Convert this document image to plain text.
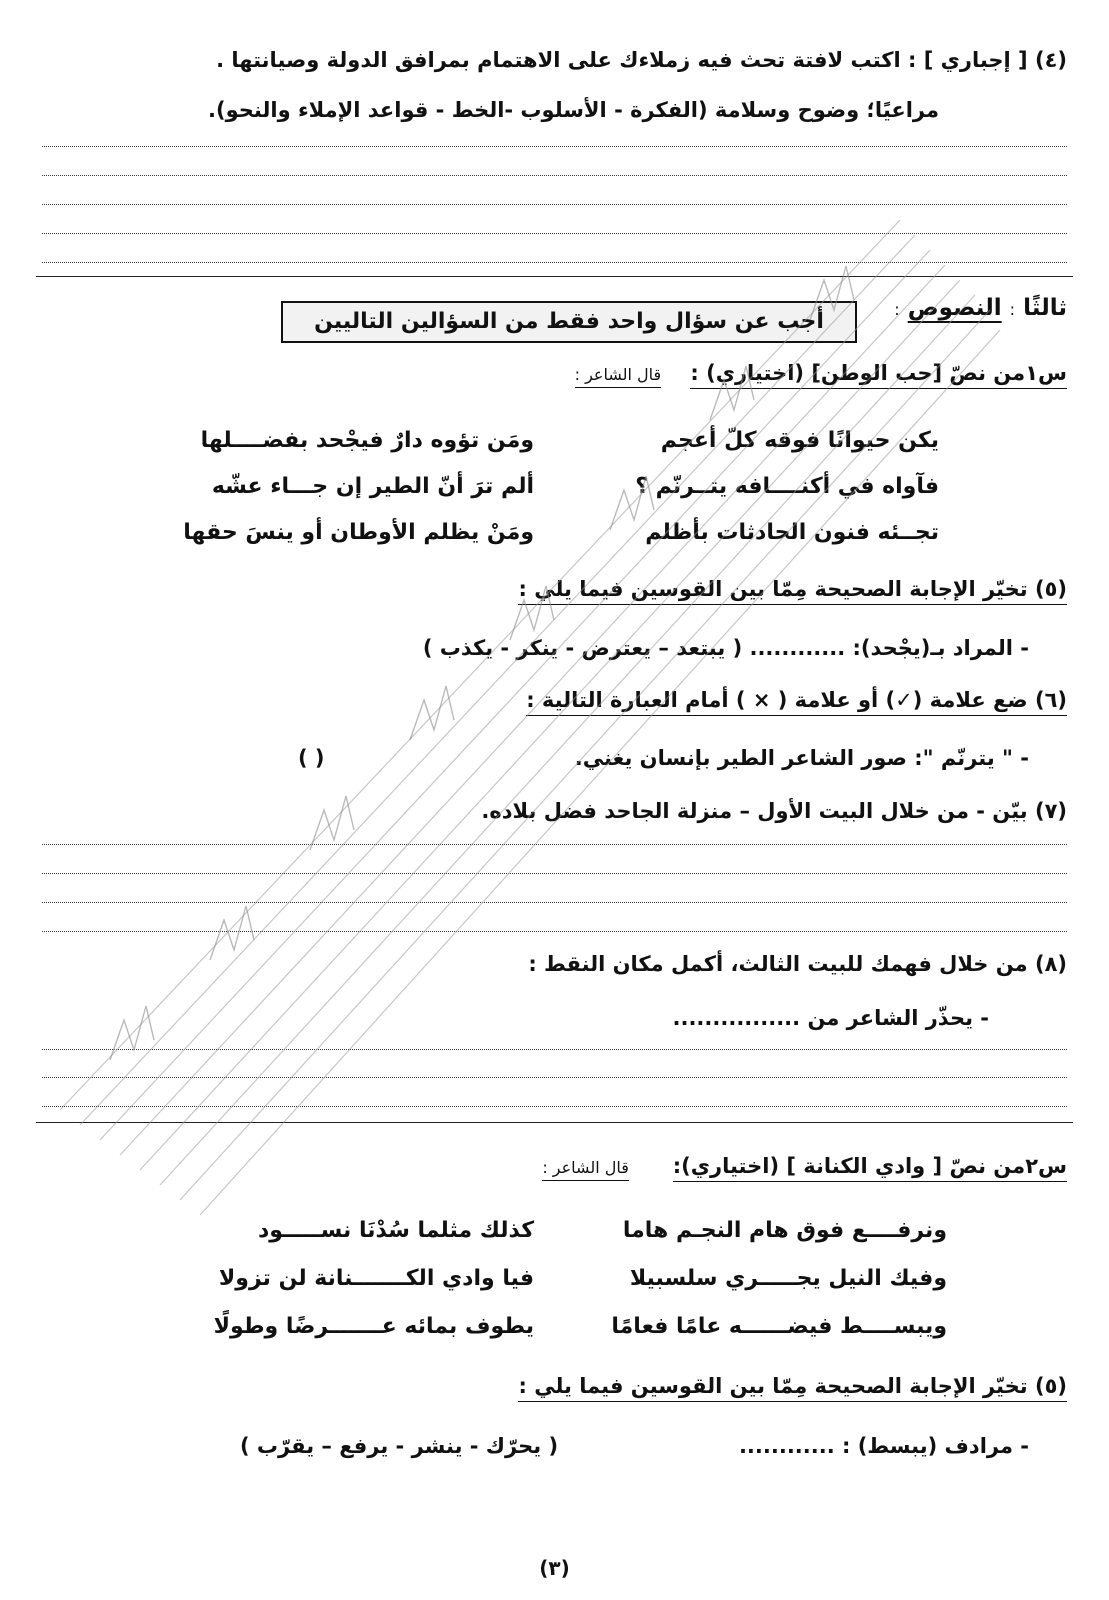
(٤) [ إجباري ] : اكتب لافتة تحث فيه زملاءك على الاهتمام بمرافق الدولة وصيانتها .
مراعيًا؛ وضوح وسلامة (الفكرة - الأسلوب -الخط - قواعد الإملاء والنحو).
ثالثًا : النصوص :
أجب عن سؤال واحد فقط من السؤالين التاليين
س١من نصّ [حب الوطن] (اختياري) :    قال الشاعر :
ومَن تؤوه دارٌ فيجْحد بفضــــلها	يكن حيوانًا فوقه كلّ أعجم
ألم ترَ أنّ الطير إن جـــاء عشّه	فآواه في أكنــــافه يتــرنّم ؟
ومَنْ يظلم الأوطان أو ينسَ حقها	تجــئه فنون الحادثات بأظلم
(٥) تخيّر الإجابة الصحيحة مِمّا بين القوسين فيما يلي :
- المراد بـ(يجْحد): ............ ( يبتعد – يعترض - ينكر - يكذب )
(٦) ضع علامة (✓) أو علامة ( × ) أمام العبارة التالية :
- " يترنّم ": صور الشاعر الطير بإنسان يغني.
( )
(٧) بيّن - من خلال البيت الأول – منزلة الجاحد فضل بلاده.
(٨) من خلال فهمك للبيت الثالث، أكمل مكان النقط :
- يحذّر الشاعر من ................
س٢من نصّ [ وادي الكنانة ] (اختياري):      قال الشاعر :
كذلك مثلما سُدْنَا نســـــود	ونرفــــع فوق هام النجـم هاما
فيا وادي الكـــــــنانة لن تزولا	وفيك النيل يجـــــري سلسبيلا
يطوف بمائه عـــــــرضًا وطولًا	ويبســــط فيضــــــه عامًا فعامًا
(٥) تخيّر الإجابة الصحيحة مِمّا بين القوسين فيما يلي :
- مرادف (يبسط) : ............
( يحرّك - ينشر - يرفع – يقرّب )
(٣)
